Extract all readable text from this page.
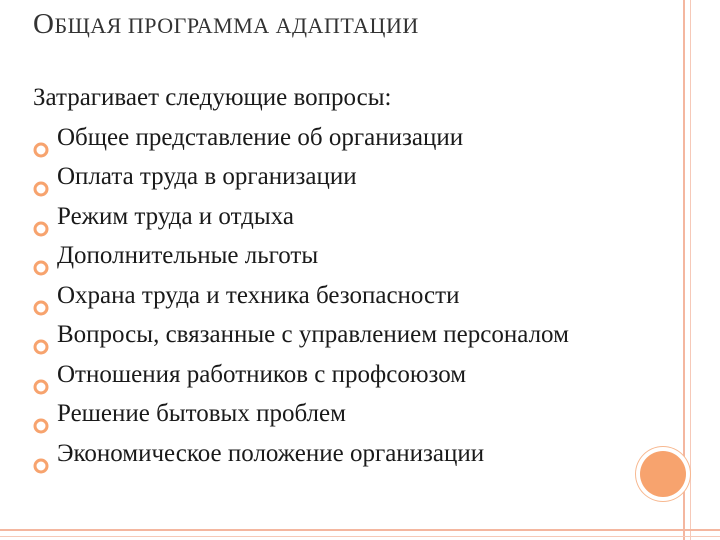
ОБЩАЯ ПРОГРАММА АДАПТАЦИИ

Затрагивает следующие вопросы:

Общее представление об организации
Оплата труда в организации
Режим труда и отдыха
Дополнительные льготы
Охрана труда и техника безопасности
Вопросы, связанные с управлением персоналом
Отношения работников с профсоюзом
Решение бытовых проблем
Экономическое положение организации
